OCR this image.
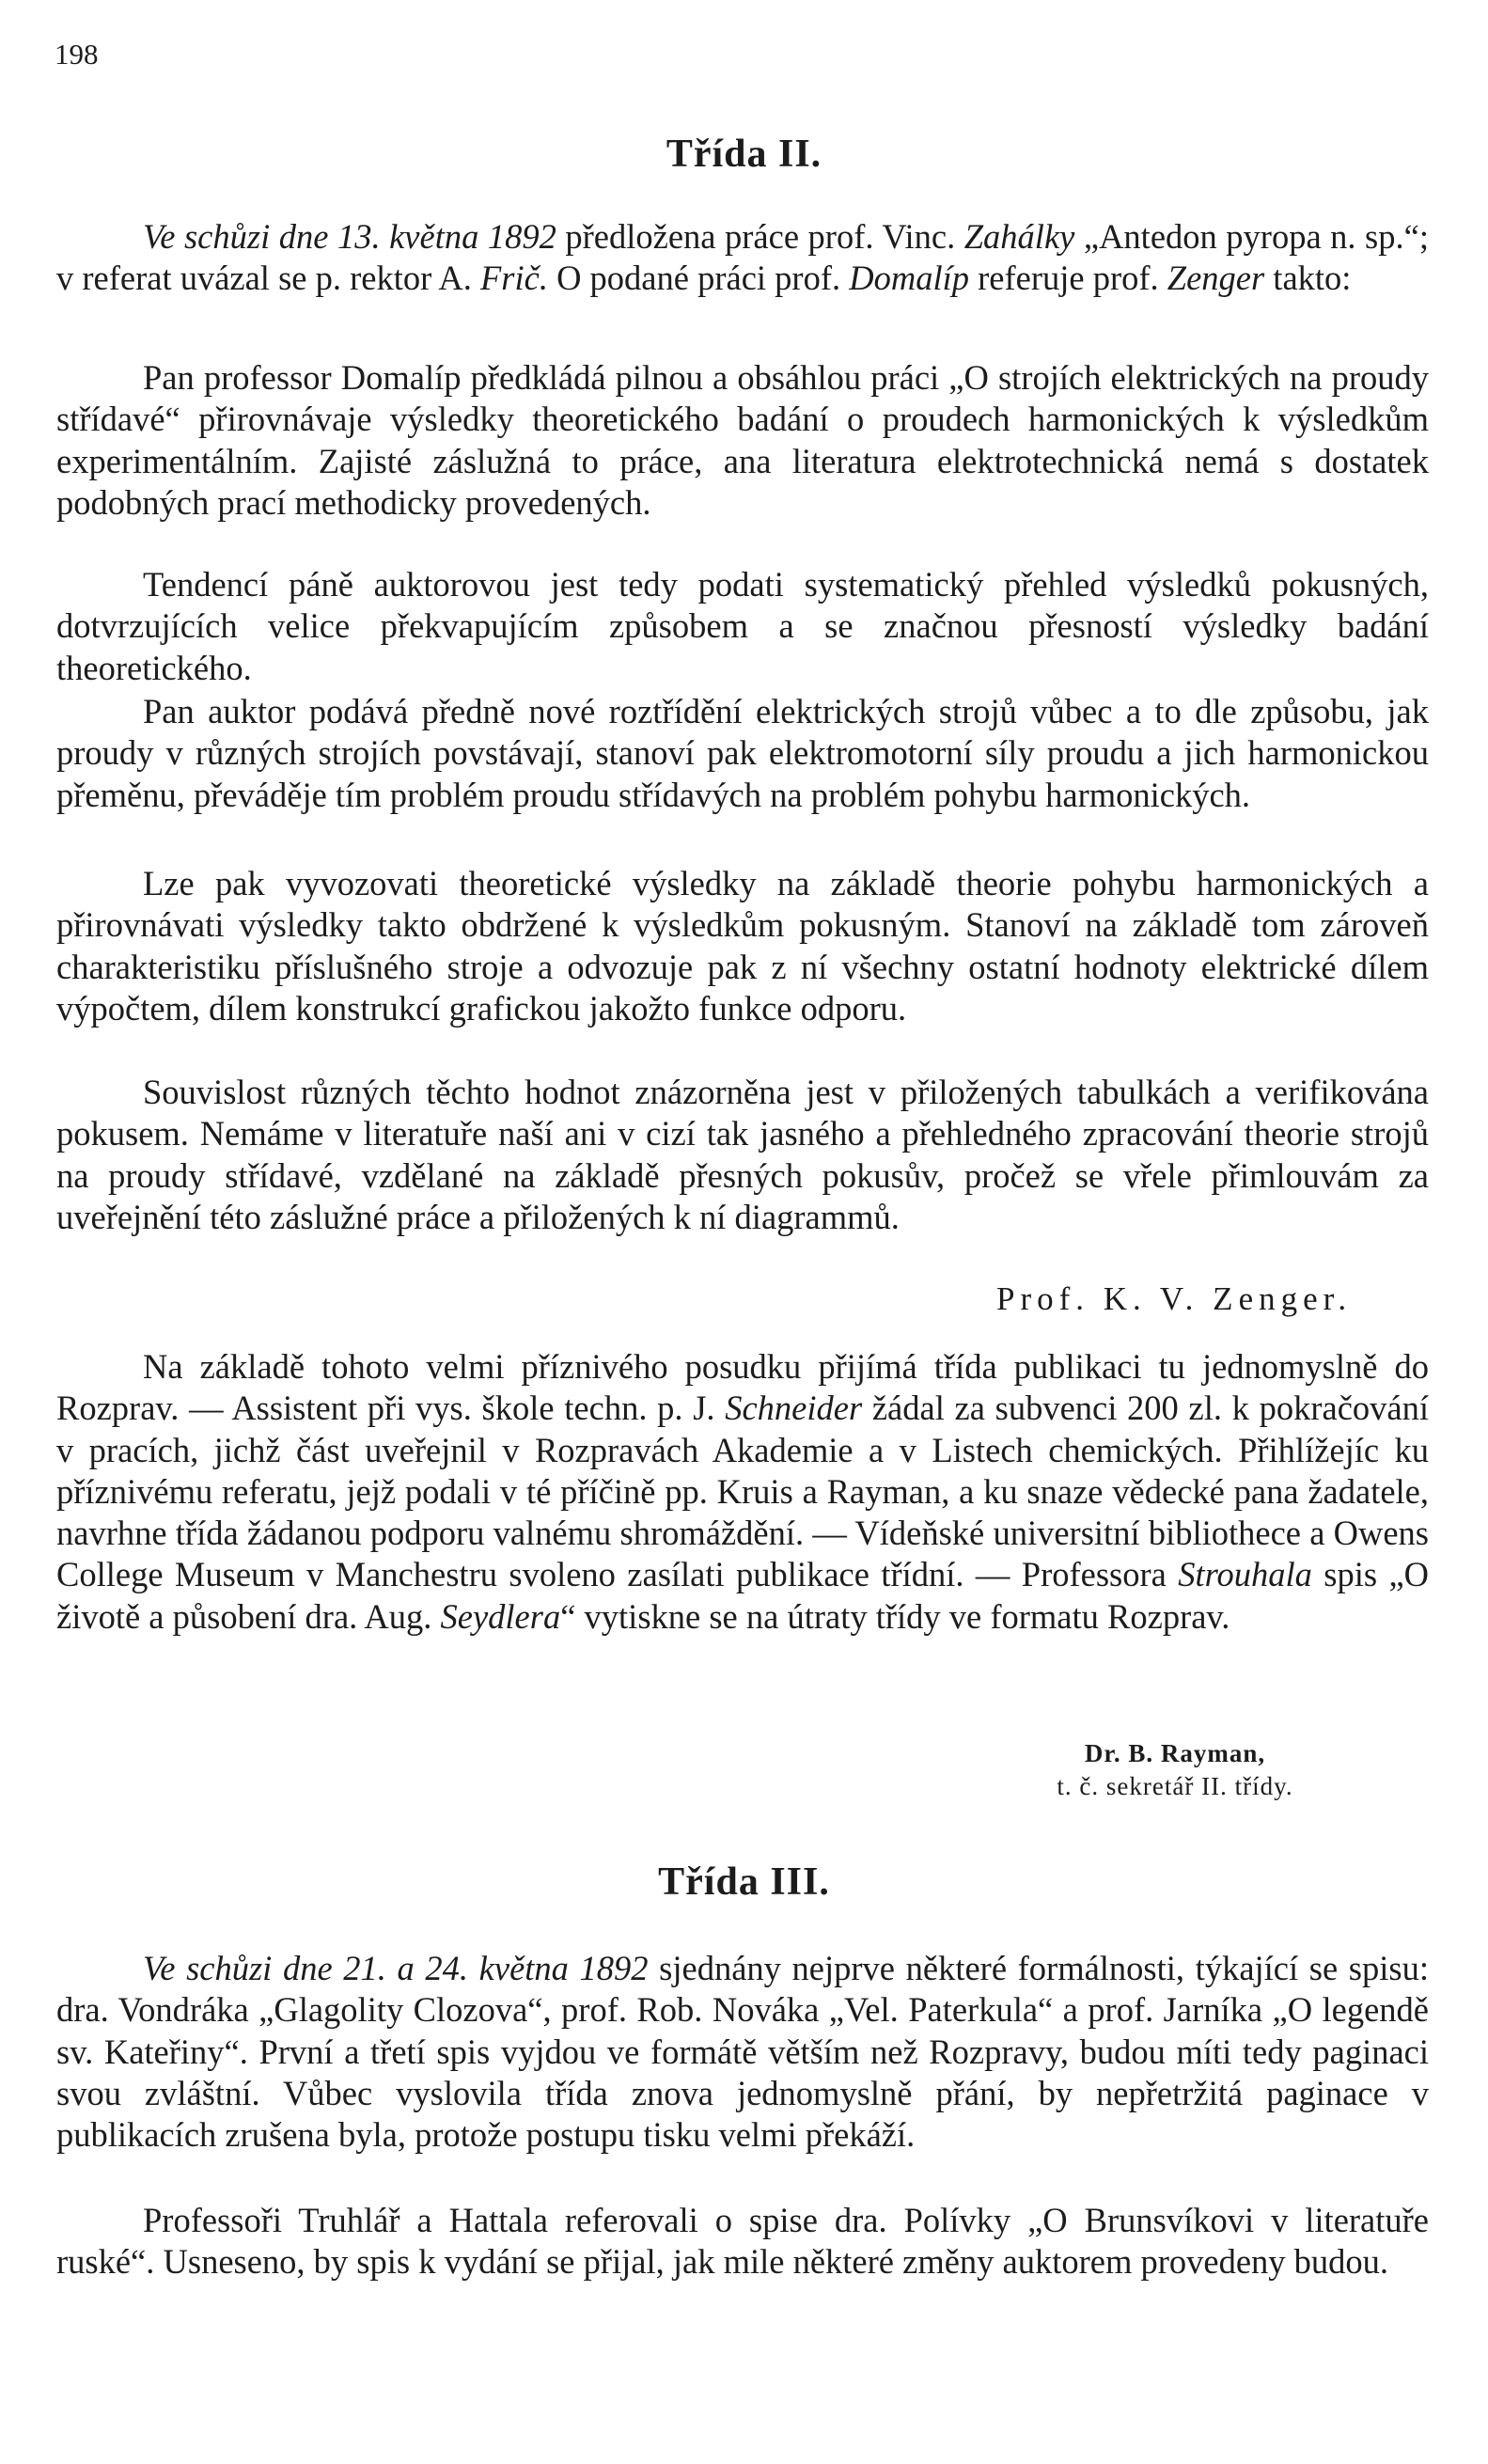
198
Třída II.
Ve schůzi dne 13. května 1892 předložena práce prof. Vinc. Zahálky „Antedon pyropa n. sp.“; v referat uvázal se p. rektor A. Frič. O podané práci prof. Domalíp referuje prof. Zenger takto:
Pan professor Domalíp předkládá pilnou a obsáhlou práci „O strojích elektrických na proudy střídavé“ přirovnávaje výsledky theoretického badání o proudech harmonických k výsledkům experimentálním. Zajisté záslužná to práce, ana literatura elektrotechnická nemá s dostatek podobných prací methodicky provedených.
Tendencí páně auktorovou jest tedy podati systematický přehled výsledků pokusných, dotvrzujících velice překvapujícím způsobem a se značnou přesností výsledky badání theoretického.
Pan auktor podává předně nové roztřídění elektrických strojů vůbec a to dle způsobu, jak proudy v různých strojích povstávají, stanoví pak elektromotorní síly proudu a jich harmonickou přeměnu, převáděje tím problém proudu střídavých na problém pohybu harmonických.
Lze pak vyvozovati theoretické výsledky na základě theorie pohybu harmonických a přirovnávati výsledky takto obdržené k výsledkům pokusným. Stanoví na základě tom zároveň charakteristiku příslušného stroje a odvozuje pak z ní všechny ostatní hodnoty elektrické dílem výpočtem, dílem konstrukcí grafickou jakožto funkce odporu.
Souvislost různých těchto hodnot znázorněna jest v přiložených tabulkách a verifikována pokusem. Nemáme v literatuře naší ani v cizí tak jasného a přehledného zpracování theorie strojů na proudy střídavé, vzdělané na základě přesných pokusův, pročež se vřele přimlouvám za uveřejnění této záslužné práce a přiložených k ní diagrammů.
Prof. K. V. Zenger.
Na základě tohoto velmi příznivého posudku přijímá třída publikaci tu jednomyslně do Rozprav. — Assistent při vys. škole techn. p. J. Schneider žádal za subvenci 200 zl. k pokračování v pracích, jichž část uveřejnil v Rozpravách Akademie a v Listech chemických. Přihlížejíc ku příznivému referatu, jejž podali v té příčině pp. Kruis a Rayman, a ku snaze vědecké pana žadatele, navrhne třída žádanou podporu valnému shromáždění. — Vídeňské universitní bibliothece a Owens College Museum v Manchestru svoleno zasílati publikace třídní. — Professora Strouhala spis „O životě a působení dra. Aug. Seydlera“ vytiskne se na útraty třídy ve formatu Rozprav.
Dr. B. Rayman,
t. č. sekretář II. třídy.
Třída III.
Ve schůzi dne 21. a 24. května 1892 sjednány nejprve některé formálnosti, týkající se spisu: dra. Vondráka „Glagolity Clozova“, prof. Rob. Nováka „Vel. Paterkula“ a prof. Jarníka „O legendě sv. Kateřiny“. První a třetí spis vyjdou ve formátě větším než Rozpravy, budou míti tedy paginaci svou zvláštní. Vůbec vyslovila třída znova jednomyslně přání, by nepřetržitá paginace v publikacích zrušena byla, protože postupu tisku velmi překáží.
Professoři Truhlář a Hattala referovali o spise dra. Polívky „O Brunsvíkovi v literatuře ruské“. Usneseno, by spis k vydání se přijal, jak mile některé změny auktorem provedeny budou.
